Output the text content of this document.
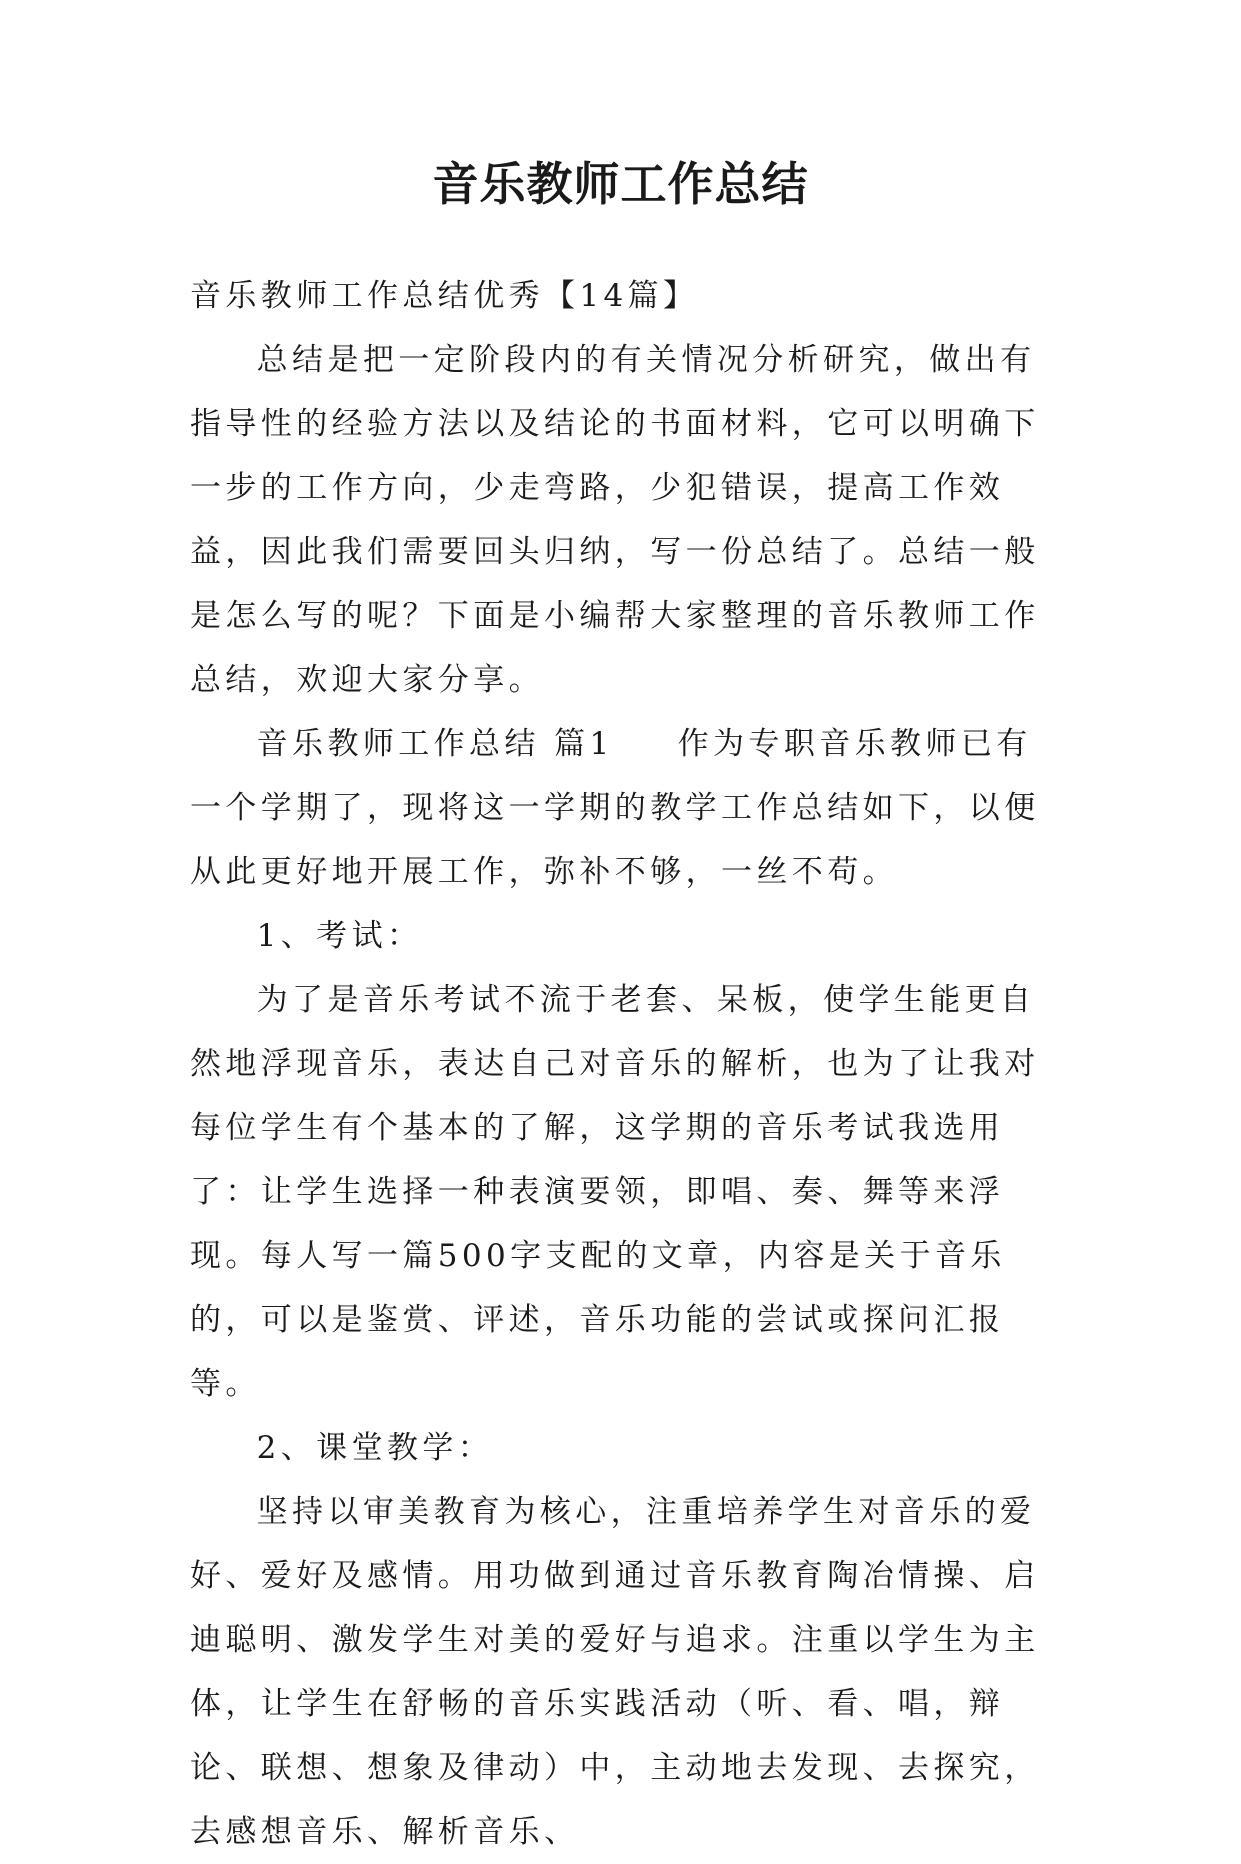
音乐教师工作总结

音乐教师工作总结优秀【14篇】

总结是把一定阶段内的有关情况分析研究，做出有指导性的经验方法以及结论的书面材料，它可以明确下一步的工作方向，少走弯路，少犯错误，提高工作效益，因此我们需要回头归纳，写一份总结了。总结一般是怎么写的呢？下面是小编帮大家整理的音乐教师工作总结，欢迎大家分享。

音乐教师工作总结 篇1 作为专职音乐教师已有一个学期了，现将这一学期的教学工作总结如下，以便从此更好地开展工作，弥补不够，一丝不苟。

1、考试：

为了是音乐考试不流于老套、呆板，使学生能更自然地浮现音乐，表达自己对音乐的解析，也为了让我对每位学生有个基本的了解，这学期的音乐考试我选用了：让学生选择一种表演要领，即唱、奏、舞等来浮现。每人写一篇500字支配的文章，内容是关于音乐的，可以是鉴赏、评述，音乐功能的尝试或探问汇报等。

2、课堂教学：

坚持以审美教育为核心，注重培养学生对音乐的爱好、爱好及感情。用功做到通过音乐教育陶冶情操、启迪聪明、激发学生对美的爱好与追求。注重以学生为主体，让学生在舒畅的音乐实践活动（听、看、唱，辩论、联想、想象及律动）中，主动地去发现、去探究，去感想音乐、解析音乐、
